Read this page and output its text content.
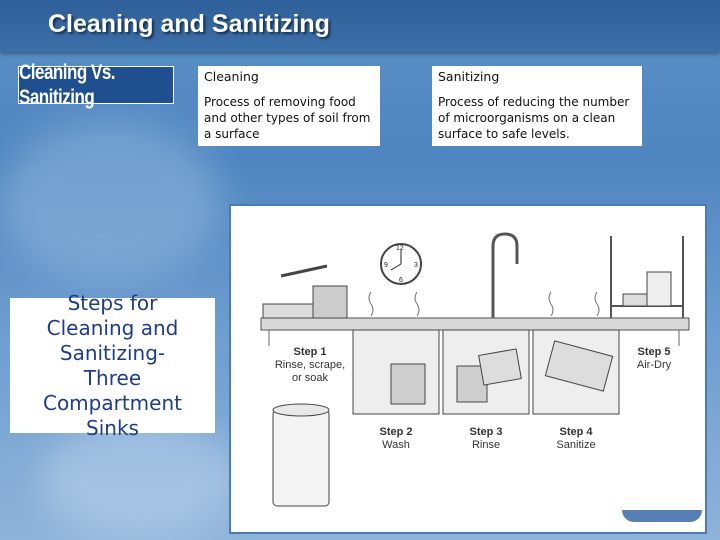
Cleaning and Sanitizing
Cleaning Vs. Sanitizing
Cleaning
Process of removing food and other types of soil from a surface
Sanitizing
Process of reducing the number of microorganisms on a clean surface to safe levels.
Steps for
Cleaning and
Sanitizing-
Three
Compartment
Sinks
12
3
6
9
Step 1
Rinse, scrape,
or soak
Step 2
Wash
Step 3
Rinse
Step 4
Sanitize
Step 5
Air-Dry
